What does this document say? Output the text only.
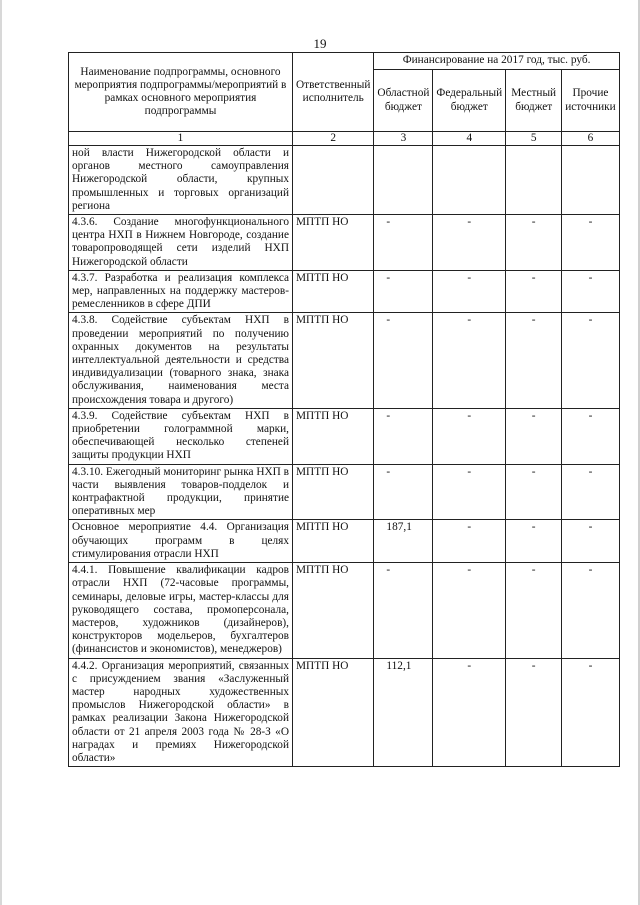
19
Наименование подпрограммы, основного мероприятия подпрограммы/мероприятий в рамках основного мероприятия подпрограммы	Ответственный исполнитель	Финансирование на 2017 год, тыс. руб.			
		Областной бюджет	Федеральный бюджет	Местный бюджет	Прочие источники
1	2	3	4	5	6
ной власти Нижегородской области и органов местного самоуправления Нижегородской области, крупных промышленных и торговых организаций региона					
4.3.6. Создание многофункционального центра НХП в Нижнем Новгороде, создание товаропроводящей сети изделий НХП Нижегородской области	МПТП НО	-	-	-	-
4.3.7. Разработка и реализация комплекса мер, направленных на поддержку мастеров-ремесленников в сфере ДПИ	МПТП НО	-	-	-	-
4.3.8. Содействие субъектам НХП в проведении мероприятий по получению охранных документов на результаты интеллектуальной деятельности и средства индивидуализации (товарного знака, знака обслуживания, наименования места происхождения товара и другого)	МПТП НО	-	-	-	-
4.3.9. Содействие субъектам НХП в приобретении голограммной марки, обеспечивающей несколько степеней защиты продукции НХП	МПТП НО	-	-	-	-
4.3.10. Ежегодный мониторинг рынка НХП в части выявления товаров-подделок и контрафактной продукции, принятие оперативных мер	МПТП НО	-	-	-	-
Основное мероприятие 4.4. Организация обучающих программ в целях стимулирования отрасли НХП	МПТП НО	187,1	-	-	-
4.4.1. Повышение квалификации кадров отрасли НХП (72-часовые программы, семинары, деловые игры, мастер-классы для руководящего состава, промоперсонала, мастеров, художников (дизайнеров), конструкторов модельеров, бухгалтеров (финансистов и экономистов), менеджеров)	МПТП НО	-	-	-	-
4.4.2. Организация мероприятий, связанных с присуждением звания «Заслуженный мастер народных художественных промыслов Нижегородской области» в рамках реализации Закона Нижегородской области от 21 апреля 2003 года № 28-З «О наградах и премиях Нижегородской области»	МПТП НО	112,1	-	-	-
